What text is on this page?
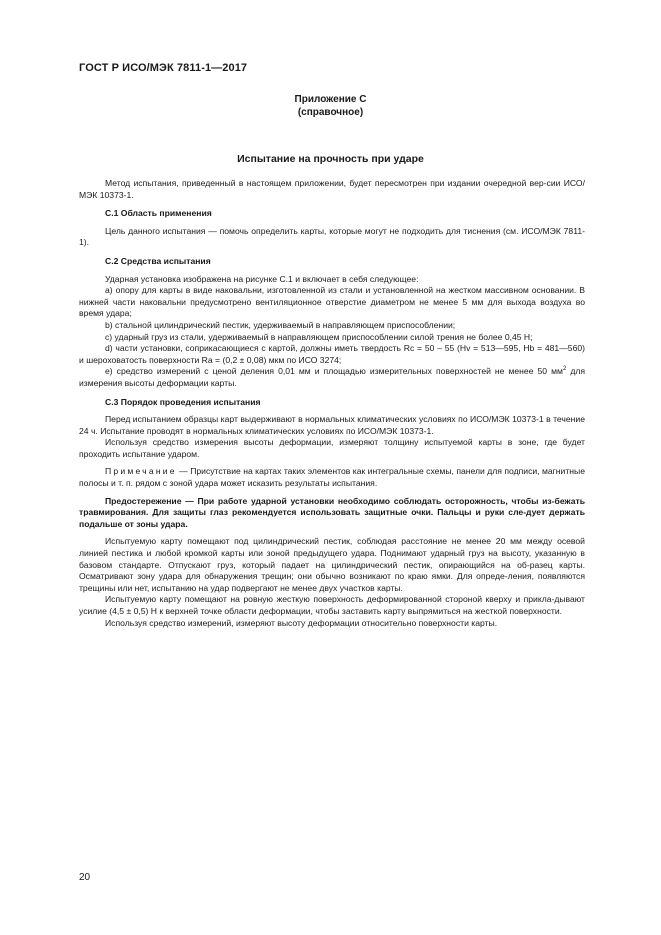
ГОСТ Р ИСО/МЭК 7811-1—2017
Приложение С
(справочное)
Испытание на прочность при ударе

Метод испытания, приведенный в настоящем приложении, будет пересмотрен при издании очередной вер-сии ИСО/МЭК 10373-1.

С.1 Область применения

Цель данного испытания — помочь определить карты, которые могут не подходить для тиснения (см. ИСО/МЭК 7811-1).

С.2 Средства испытания

Ударная установка изображена на рисунке С.1 и включает в себя следующее:

а) опору для карты в виде наковальни, изготовленной из стали и установленной на жестком массивном основании. В нижней части наковальни предусмотрено вентиляционное отверстие диаметром не менее 5 мм для выхода воздуха во время удара;

b) стальной цилиндрический пестик, удерживаемый в направляющем приспособлении;

с) ударный груз из стали, удерживаемый в направляющем приспособлении силой трения не более 0,45 Н;

d) части установки, соприкасающиеся с картой, должны иметь твердость Rc = 50 – 55 (Hv = 513—595, Hb = 481—560) и шероховатость поверхности Ra = (0,2 ± 0,08) мкм по ИСО 3274;

е) средство измерений с ценой деления 0,01 мм и площадью измерительных поверхностей не менее 50 $мм^2$ для измерения высоты деформации карты.

С.3 Порядок проведения испытания

Перед испытанием образцы карт выдерживают в нормальных климатических условиях по ИСО/МЭК 10373-1 в течение 24 ч. Испытание проводят в нормальных климатических условиях по ИСО/МЭК 10373-1.

Используя средство измерения высоты деформации, измеряют толщину испытуемой карты в зоне, где будет проходить испытание ударом.

Примечание — Присутствие на картах таких элементов как интегральные схемы, панели для подписи, магнитные полосы и т. п. рядом с зоной удара может исказить результаты испытания.

Предостережение — При работе ударной установки необходимо соблюдать осторожность, чтобы из-бежать травмирования. Для защиты глаз рекомендуется использовать защитные очки. Пальцы и руки сле-дует держать подальше от зоны удара.

Испытуемую карту помещают под цилиндрический пестик, соблюдая расстояние не менее 20 мм между осевой линией пестика и любой кромкой карты или зоной предыдущего удара. Поднимают ударный груз на высоту, указанную в базовом стандарте. Отпускают груз, который падает на цилиндрический пестик, опирающийся на об-разец карты. Осматривают зону удара для обнаружения трещин; они обычно возникают по краю ямки. Для опреде-ления, появляются трещины или нет, испытанию на удар подвергают не менее двух участков карты.

Испытуемую карту помещают на ровную жесткую поверхность деформированной стороной кверху и прикла-дывают усилие (4,5 ± 0,5) Н к верхней точке области деформации, чтобы заставить карту выпрямиться на жесткой поверхности.

Используя средство измерений, измеряют высоту деформации относительно поверхности карты.

20
